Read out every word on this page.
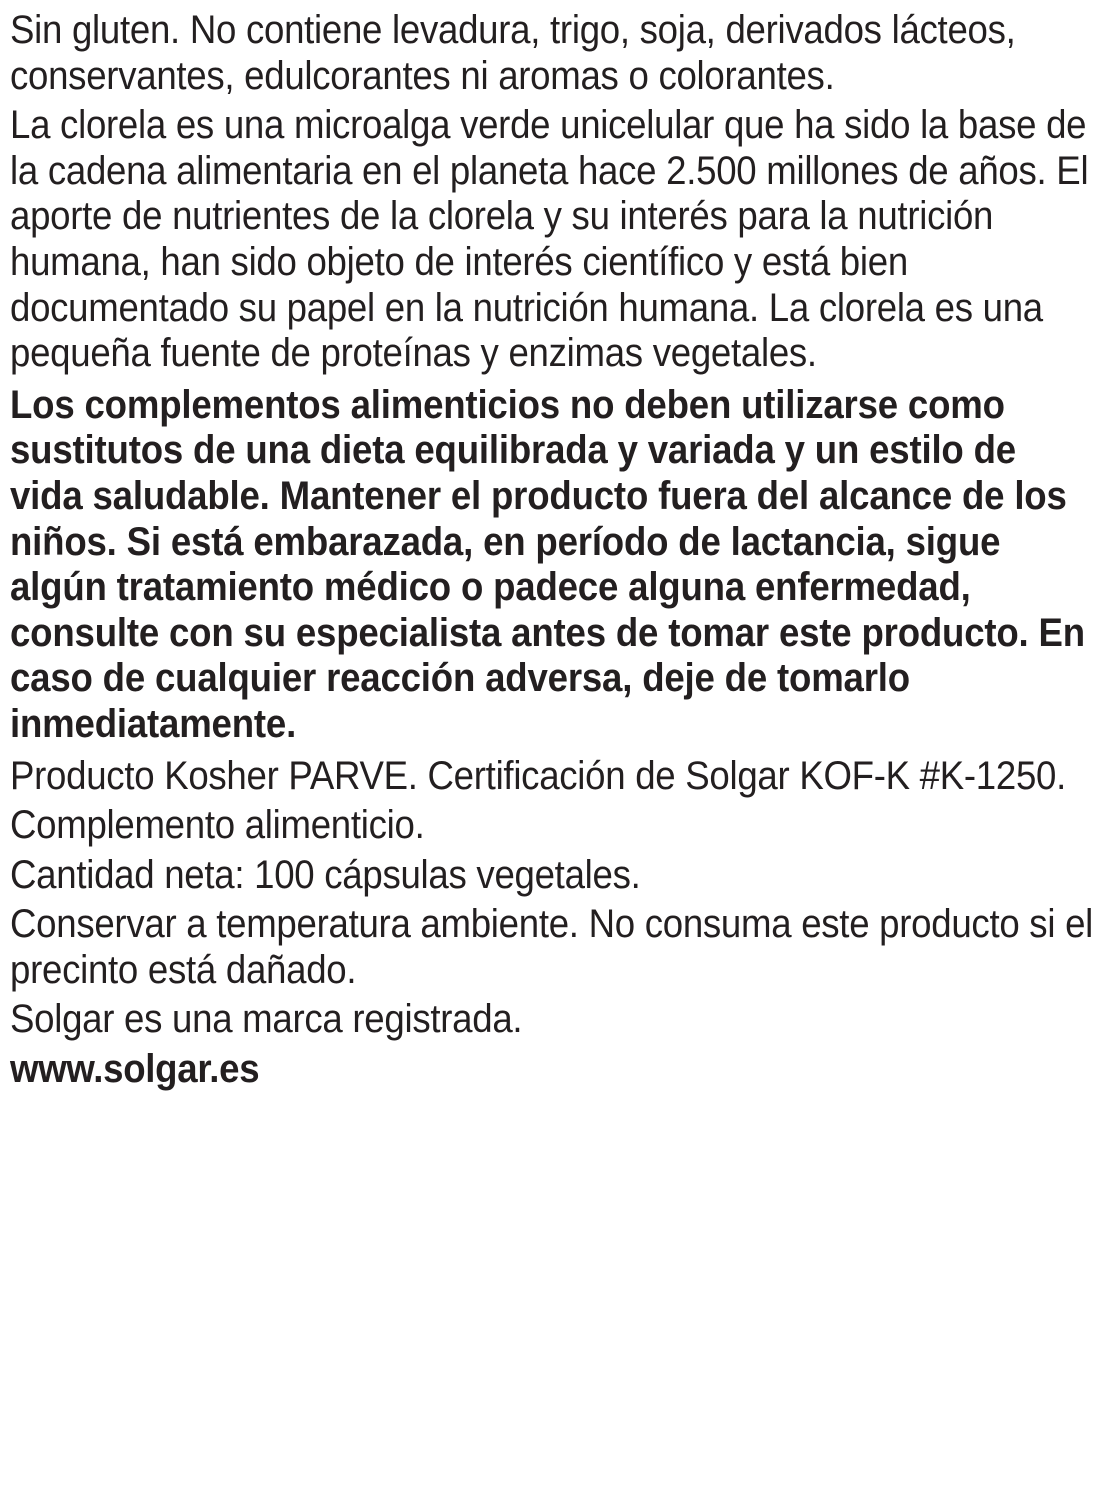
Sin gluten. No contiene levadura, trigo, soja, derivados lácteos, conservantes, edulcorantes ni aromas o colorantes.

La clorela es una microalga verde unicelular que ha sido la base de la cadena alimentaria en el planeta hace 2.500 millones de años. El aporte de nutrientes de la clorela y su interés para la nutrición humana, han sido objeto de interés científico y está bien documentado su papel en la nutrición humana. La clorela es una pequeña fuente de proteínas y enzimas vegetales.

Los complementos alimenticios no deben utilizarse como sustitutos de una dieta equilibrada y variada y un estilo de vida saludable. Mantener el producto fuera del alcance de los niños. Si está embarazada, en período de lactancia, sigue algún tratamiento médico o padece alguna enfermedad, consulte con su especialista antes de tomar este producto. En caso de cualquier reacción adversa, deje de tomarlo inmediatamente.

Producto Kosher PARVE. Certificación de Solgar KOF-K #K-1250.

Complemento alimenticio.

Cantidad neta: 100 cápsulas vegetales.

Conservar a temperatura ambiente. No consuma este producto si el precinto está dañado.

Solgar es una marca registrada.

www.solgar.es
